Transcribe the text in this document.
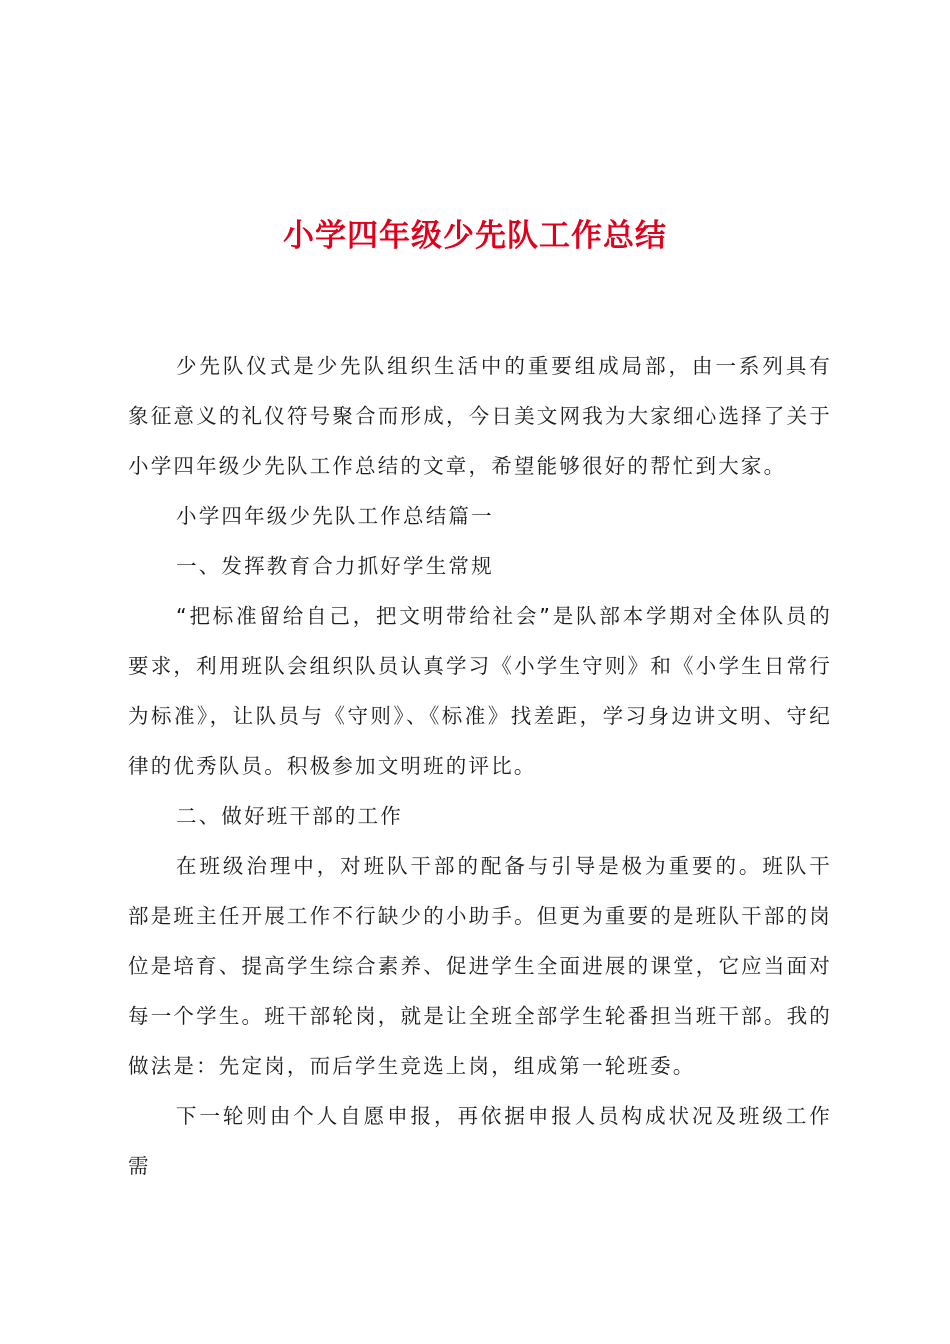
小学四年级少先队工作总结

少先队仪式是少先队组织生活中的重要组成局部，由一系列具有象征意义的礼仪符号聚合而形成，今日美文网我为大家细心选择了关于小学四年级少先队工作总结的文章，希望能够很好的帮忙到大家。

小学四年级少先队工作总结篇一

一、发挥教育合力抓好学生常规

“把标准留给自己，把文明带给社会”是队部本学期对全体队员的要求，利用班队会组织队员认真学习《小学生守则》和《小学生日常行为标准》，让队员与《守则》、《标准》找差距，学习身边讲文明、守纪律的优秀队员。积极参加文明班的评比。

二、做好班干部的工作

在班级治理中，对班队干部的配备与引导是极为重要的。班队干部是班主任开展工作不行缺少的小助手。但更为重要的是班队干部的岗位是培育、提高学生综合素养、促进学生全面进展的课堂，它应当面对每一个学生。班干部轮岗，就是让全班全部学生轮番担当班干部。我的做法是：先定岗，而后学生竞选上岗，组成第一轮班委。

下一轮则由个人自愿申报，再依据申报人员构成状况及班级工作需
